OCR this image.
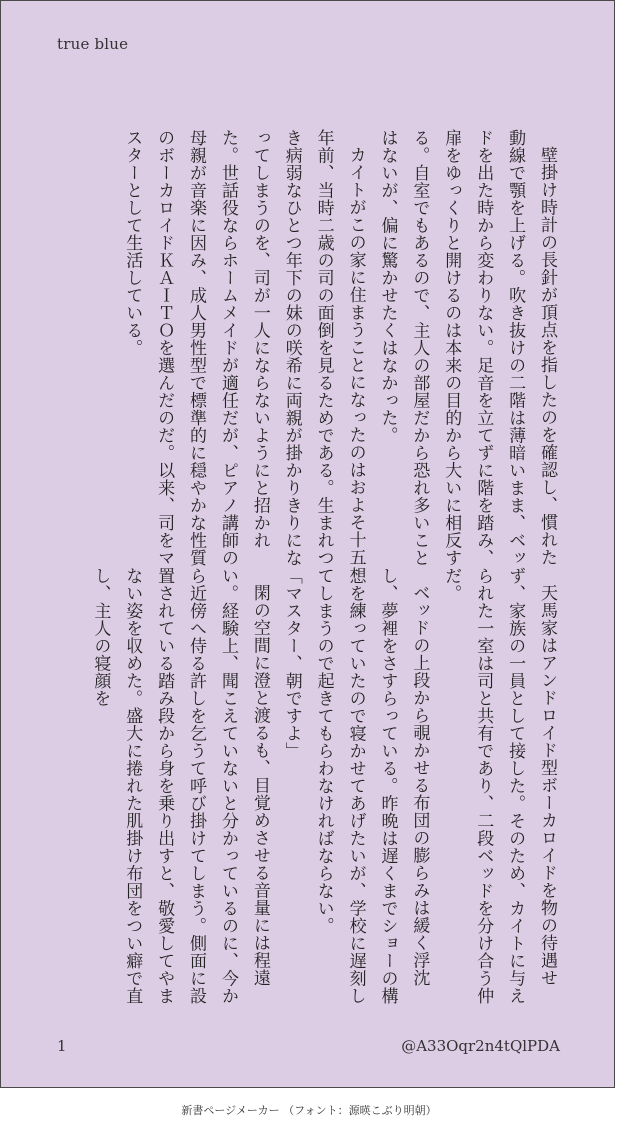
true blue

壁掛け時計の長針が頂点を指したのを確認し、慣れた動線で顎を上げる。吹き抜けの二階は薄暗いまま、ベッドを出た時から変わりない。足音を立てずに階を踏み、扉をゆっくりと開けるのは本来の目的から大いに相反する。自室でもあるので、主人の部屋だから恐れ多いことはないが、偏に驚かせたくはなかった。

カイトがこの家に住まうことになったのはおよそ十五年前、当時二歳の司の面倒を見るためである。生まれつき病弱なひとつ年下の妹の咲希に両親が掛かりきりになってしまうのを、司が一人にならないようにと招かれた。世話役ならホームメイドが適任だが、ピアノ講師の母親が音楽に因み、成人男性型で標準的に穏やかな性質のボーカロイドＫＡＩＴＯを選んだのだ。以来、司をマスターとして生活している。

天馬家はアンドロイド型ボーカロイドを物の待遇せず、家族の一員として接した。そのため、カイトに与えられた一室は司と共有であり、二段ベッドを分け合う仲だ。

ベッドの上段から覗かせる布団の膨らみは緩く浮沈し、夢裡をさすらっている。昨晩は遅くまでショーの構想を練っていたので寝かせてあげたいが、学校に遅刻してしまうので起きてもらわなければならない。

「マスター、朝ですよ」

閑の空間に澄と渡るも、目覚めさせる音量には程遠い。経験上、聞こえていないと分かっているのに、今から近傍へ侍る許しを乞うて呼び掛けてしまう。側面に設置されている踏み段から身を乗り出すと、敬愛してやまない姿を収めた。盛大に捲れた肌掛け布団をつい癖で直し、主人の寝顔を

1	@A33Oqr2n4tQlPDA
新書ページメーカー （フォント：源暎こぶり明朝）
